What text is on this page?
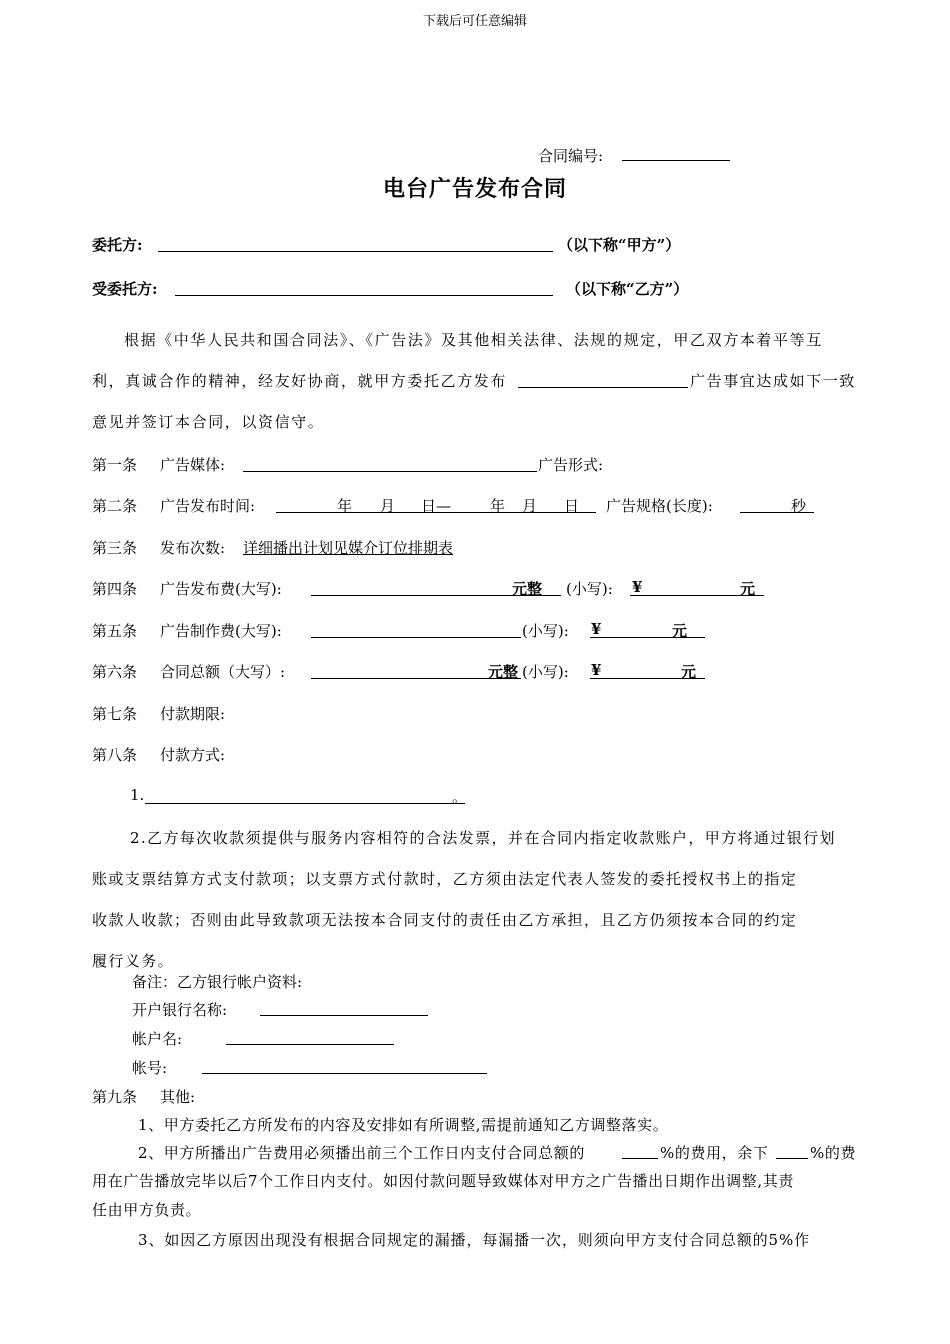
下载后可任意编辑
合同编号:
电台广告发布合同
委托方:	（以下称“甲方”）
受委托方:	（以下称“乙方”）
根据《中华人民共和国合同法》、《广告法》及其他相关法律、法规的规定，甲乙双方本着平等互
利，真诚合作的精神，经友好协商，就甲方委托乙方发布	广告事宜达成如下一致
意见并签订本合同，以资信守。
第一条 广告媒体:	广告形式:
第二条 广告发布时间:	年 月 日—	年 月 日 广告规格(长度):	秒
第三条 发布次数: 详细播出计划见媒介订位排期表
第四条 广告发布费(大写):	元整 (小写): ¥	元
第五条 广告制作费(大写):	(小写): ¥	元
第六条 合同总额（大写）:	元整 (小写): ¥	元
第七条 付款期限:
第八条 付款方式:
1.	。
2.乙方每次收款须提供与服务内容相符的合法发票，并在合同内指定收款账户，甲方将通过银行划
账或支票结算方式支付款项；以支票方式付款时，乙方须由法定代表人签发的委托授权书上的指定
收款人收款；否则由此导致款项无法按本合同支付的责任由乙方承担，且乙方仍须按本合同的约定
履行义务。
备注：乙方银行帐户资料:
开户银行名称:
帐户名:
帐号:
第九条 其他:
1、甲方委托乙方所发布的内容及安排如有所调整,需提前通知乙方调整落实。
2、甲方所播出广告费用必须播出前三个工作日内支付合同总额的	%的费用，余下	%的费
用在广告播放完毕以后7个工作日内支付。如因付款问题导致媒体对甲方之广告播出日期作出调整,其责
任由甲方负责。
3、如因乙方原因出现没有根据合同规定的漏播，每漏播一次，则须向甲方支付合同总额的5%作
